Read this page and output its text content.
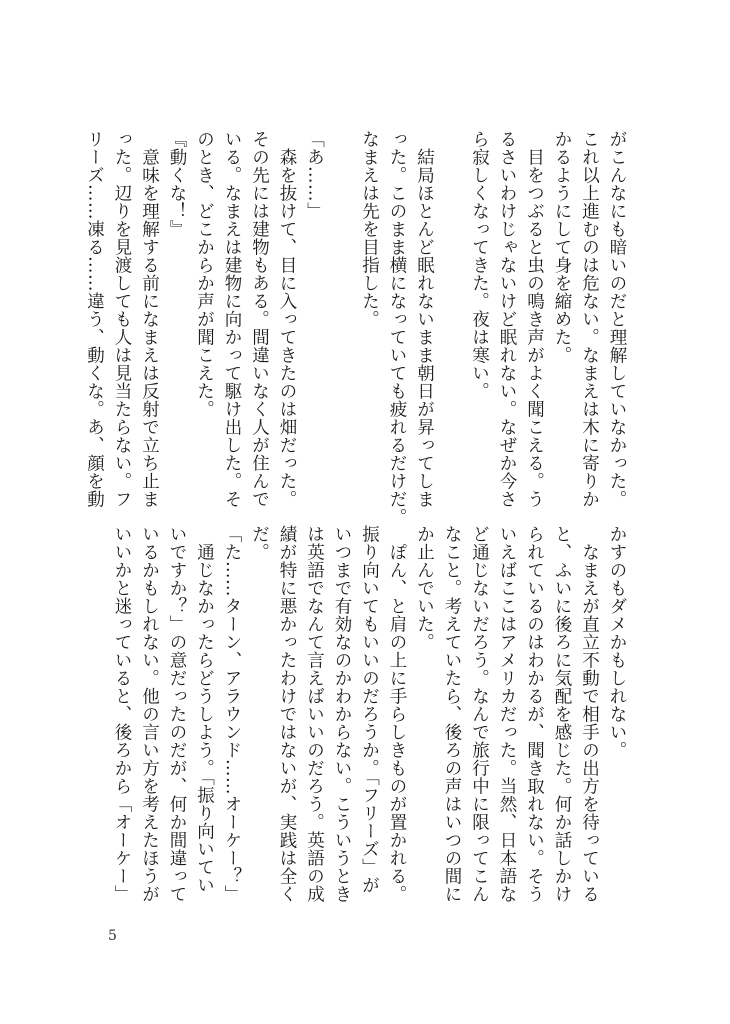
がこんなにも暗いのだと理解していなかった。
これ以上進むのは危ない。なまえは木に寄りか
かるようにして身を縮めた。
　目をつぶると虫の鳴き声がよく聞こえる。う
るさいわけじゃないけど眠れない。なぜか今さ
ら寂しくなってきた。夜は寒い。
　結局ほとんど眠れないまま朝日が昇ってしま
った。このまま横になっていても疲れるだけだ。
なまえは先を目指した。
「あ……」
　森を抜けて、目に入ってきたのは畑だった。
その先には建物もある。間違いなく人が住んで
いる。なまえは建物に向かって駆け出した。そ
のとき、どこからか声が聞こえた。
『動くな！』
　意味を理解する前になまえは反射で立ち止ま
った。辺りを見渡しても人は見当たらない。フ
リーズ……凍る……違う、動くな。あ、顔を動
かすのもダメかもしれない。
　なまえが直立不動で相手の出方を待っている
と、ふいに後ろに気配を感じた。何か話しかけ
られているのはわかるが、聞き取れない。そう
いえばここはアメリカだった。当然、日本語な
ど通じないだろう。なんで旅行中に限ってこん
なこと。考えていたら、後ろの声はいつの間に
か止んでいた。
　ぽん、と肩の上に手らしきものが置かれる。
振り向いてもいいのだろうか。「フリーズ」が
いつまで有効なのかわからない。こういうとき
は英語でなんて言えばいいのだろう。英語の成
績が特に悪かったわけではないが、実践は全く
だ。
「た……ターン、アラウンド……オーケー？」
　通じなかったらどうしよう。「振り向いてい
いですか？」の意だったのだが、何か間違って
いるかもしれない。他の言い方を考えたほうが
いいかと迷っていると、後ろから「オーケー」
5
